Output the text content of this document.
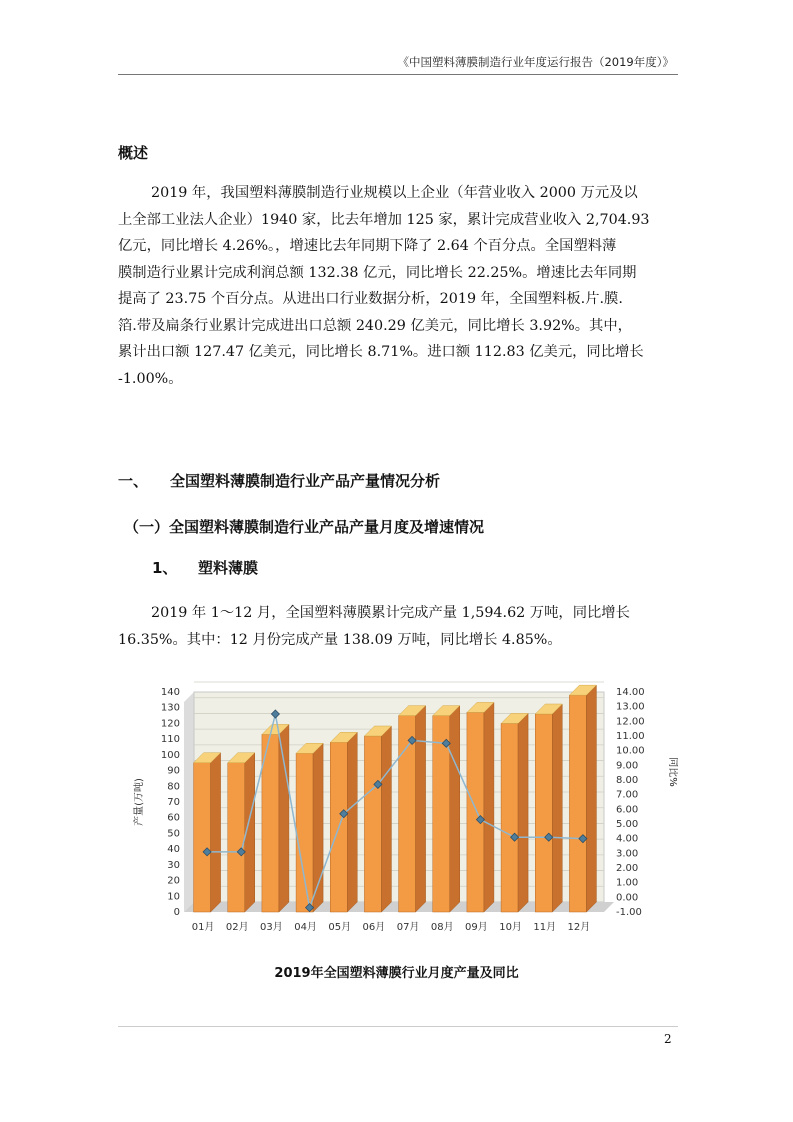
《中国塑料薄膜制造行业年度运行报告（2019年度）》
概述
2019 年，我国塑料薄膜制造行业规模以上企业（年营业收入 2000 万元及以
上全部工业法人企业）1940 家，比去年增加 125 家，累计完成营业收入 2,704.93
亿元，同比增长 4.26%。，增速比去年同期下降了 2.64 个百分点。全国塑料薄
膜制造行业累计完成利润总额 132.38 亿元，同比增长 22.25%。增速比去年同期
提高了 23.75 个百分点。从进出口行业数据分析，2019 年，全国塑料板.片.膜.
箔.带及扁条行业累计完成进出口总额 240.29 亿美元，同比增长 3.92%。其中，
累计出口额 127.47 亿美元，同比增长 8.71%。进口额 112.83 亿美元，同比增长
-1.00%。
一、 全国塑料薄膜制造行业产品产量情况分析
（一）全国塑料薄膜制造行业产品产量月度及增速情况
1、 塑料薄膜
2019 年 1～12 月，全国塑料薄膜累计完成产量 1,594.62 万吨，同比增长
16.35%。其中：12 月份完成产量 138.09 万吨，同比增长 4.85%。
0
10
20
30
40
50
60
70
80
90
100
110
120
130
140
-1.00
0.00
1.00
2.00
3.00
4.00
5.00
6.00
7.00
8.00
9.00
10.00
11.00
12.00
13.00
14.00
产量(万吨)
同比%
01月 02月 03月 04月 05月 06月 07月 08月 09月 10月 11月 12月
2019年全国塑料薄膜行业月度产量及同比
2
